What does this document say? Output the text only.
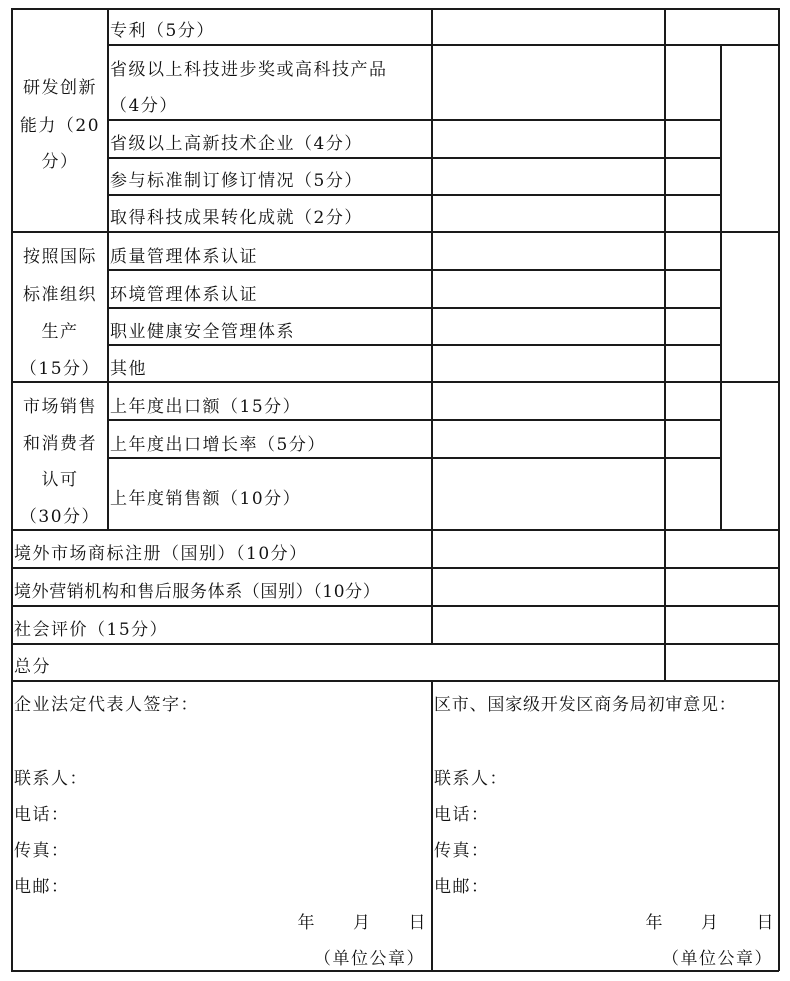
研发创新
能力（20
分）
专利（5分）
省级以上科技进步奖或高科技产品
（4分）
省级以上高新技术企业（4分）
参与标准制订修订情况（5分）
取得科技成果转化成就（2分）
按照国际
标准组织
生产
（15分）
质量管理体系认证
环境管理体系认证
职业健康安全管理体系
其他
市场销售
和消费者
认可
（30分）
上年度出口额（15分）
上年度出口增长率（5分）
上年度销售额（10分）
境外市场商标注册（国别）（10分）
境外营销机构和售后服务体系（国别）（10分）
社会评价（15分）
总分
企业法定代表人签字：
联系人：
电话：
传真：
电邮：
年　　月　　日
（单位公章）
区市、国家级开发区商务局初审意见：
联系人：
电话：
传真：
电邮：
年　　月　　日
（单位公章）
